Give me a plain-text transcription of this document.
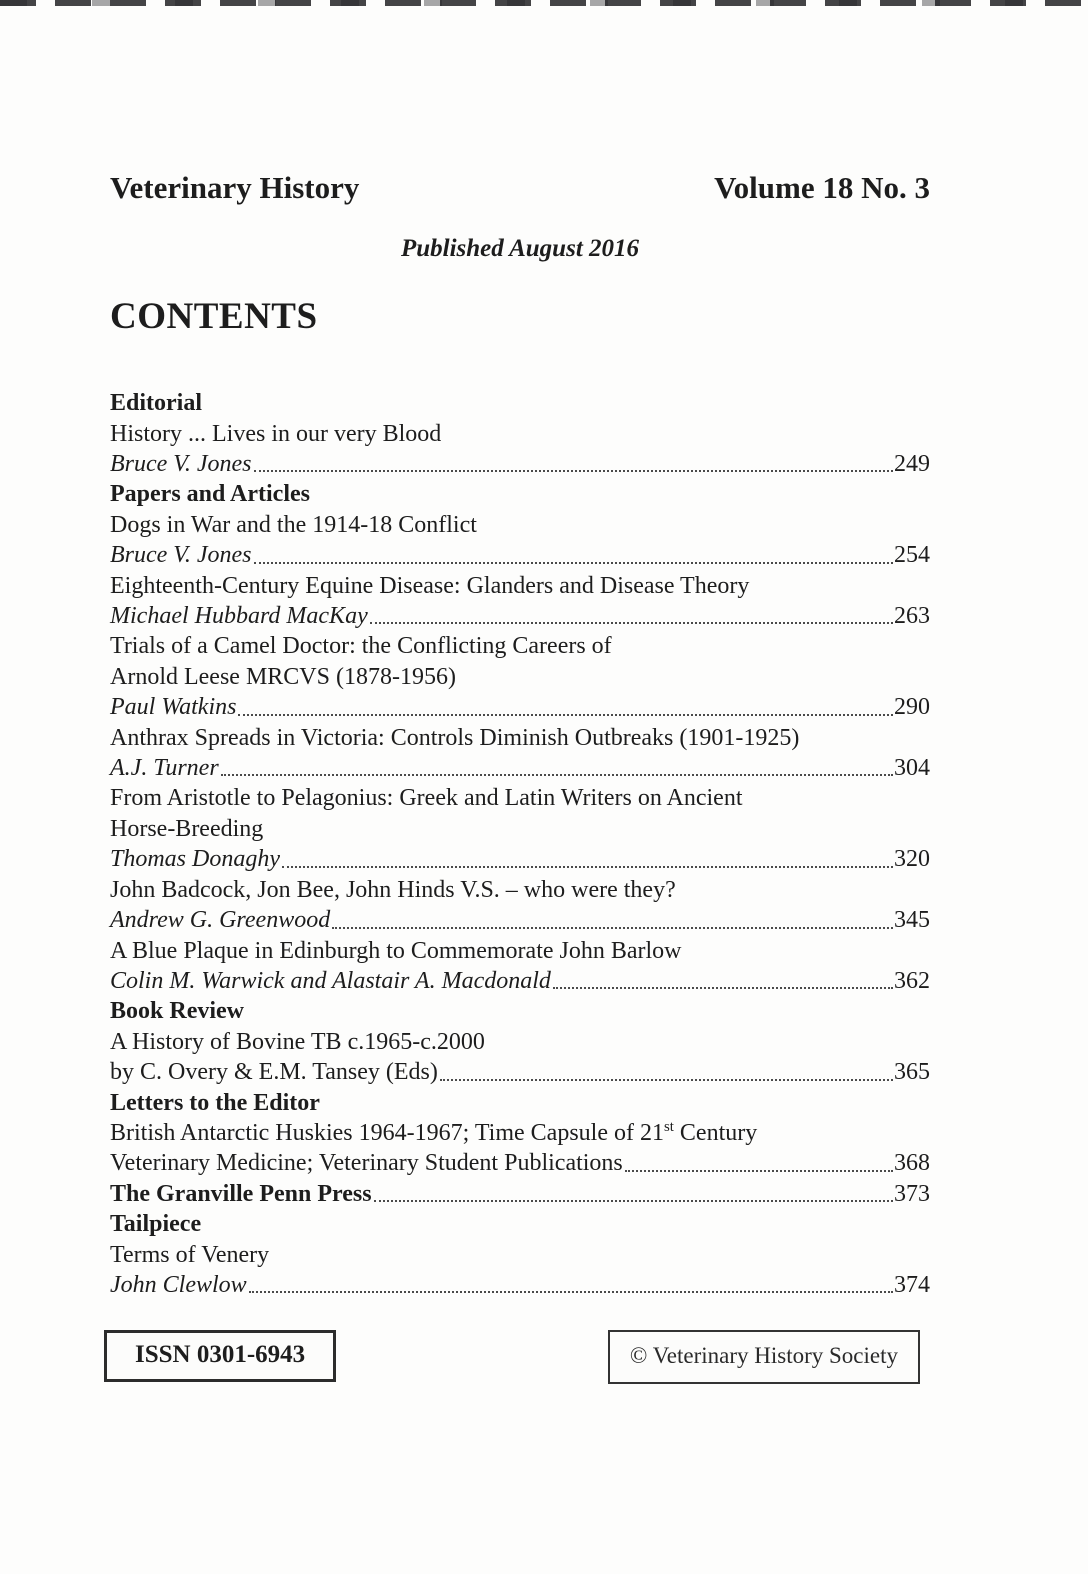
Veterinary History	Volume 18 No. 3
Published August 2016
CONTENTS
Editorial
History ... Lives in our very Blood
Bruce V. Jones	249
Papers and Articles
Dogs in War and the 1914-18 Conflict
Bruce V. Jones	254
Eighteenth-Century Equine Disease: Glanders and Disease Theory
Michael Hubbard MacKay	263
Trials of a Camel Doctor: the Conflicting Careers of
Arnold Leese MRCVS (1878-1956)
Paul Watkins	290
Anthrax Spreads in Victoria: Controls Diminish Outbreaks (1901-1925)
A.J. Turner	304
From Aristotle to Pelagonius: Greek and Latin Writers on Ancient
Horse-Breeding
Thomas Donaghy	320
John Badcock, Jon Bee, John Hinds V.S. – who were they?
Andrew G. Greenwood	345
A Blue Plaque in Edinburgh to Commemorate John Barlow
Colin M. Warwick and Alastair A. Macdonald	362
Book Review
A History of Bovine TB c.1965-c.2000
by C. Overy & E.M. Tansey (Eds)	365
Letters to the Editor
British Antarctic Huskies 1964-1967; Time Capsule of 21st Century
Veterinary Medicine; Veterinary Student Publications	368
The Granville Penn Press	373
Tailpiece
Terms of Venery
John Clewlow	374
ISSN 0301-6943	© Veterinary History Society
